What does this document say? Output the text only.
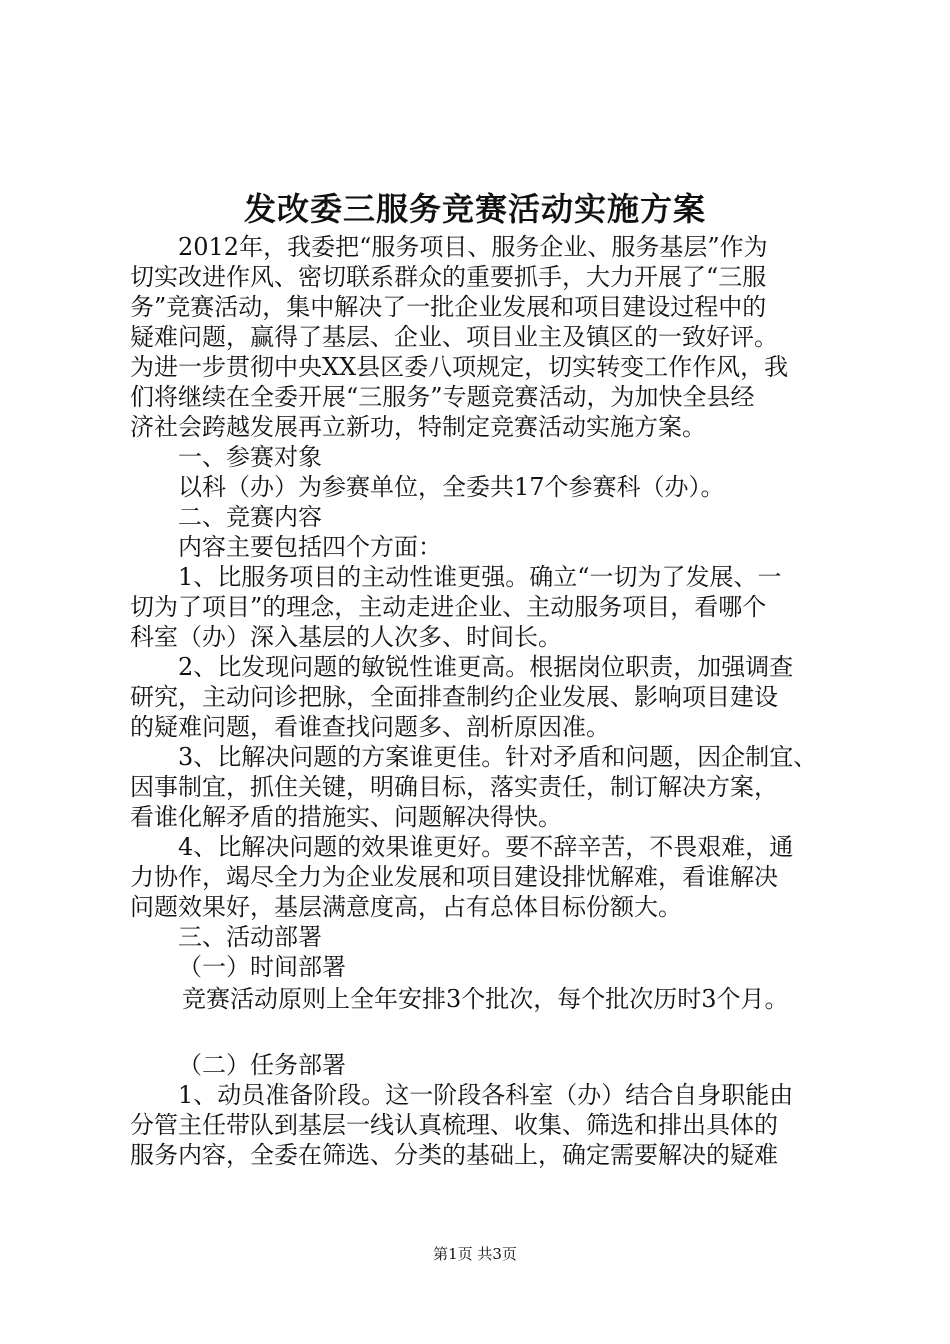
发改委三服务竞赛活动实施方案
2012年，我委把“服务项目、服务企业、服务基层”作为
切实改进作风、密切联系群众的重要抓手，大力开展了“三服
务”竞赛活动，集中解决了一批企业发展和项目建设过程中的
疑难问题，赢得了基层、企业、项目业主及镇区的一致好评。
为进一步贯彻中央XX县区委八项规定，切实转变工作作风，我
们将继续在全委开展“三服务”专题竞赛活动，为加快全县经
济社会跨越发展再立新功，特制定竞赛活动实施方案。
一、参赛对象
以科（办）为参赛单位，全委共17个参赛科（办）。
二、竞赛内容
内容主要包括四个方面：
1、比服务项目的主动性谁更强。确立“一切为了发展、一
切为了项目”的理念，主动走进企业、主动服务项目，看哪个
科室（办）深入基层的人次多、时间长。
2、比发现问题的敏锐性谁更高。根据岗位职责，加强调查
研究，主动问诊把脉，全面排查制约企业发展、影响项目建设
的疑难问题，看谁查找问题多、剖析原因准。
3、比解决问题的方案谁更佳。针对矛盾和问题，因企制宜、
因事制宜，抓住关键，明确目标，落实责任，制订解决方案，
看谁化解矛盾的措施实、问题解决得快。
4、比解决问题的效果谁更好。要不辞辛苦，不畏艰难，通
力协作，竭尽全力为企业发展和项目建设排忧解难，看谁解决
问题效果好，基层满意度高，占有总体目标份额大。
三、活动部署
（一）时间部署
竞赛活动原则上全年安排3个批次，每个批次历时3个月。
（二）任务部署
1、动员准备阶段。这一阶段各科室（办）结合自身职能由
分管主任带队到基层一线认真梳理、收集、筛选和排出具体的
服务内容，全委在筛选、分类的基础上，确定需要解决的疑难
第1页 共3页
